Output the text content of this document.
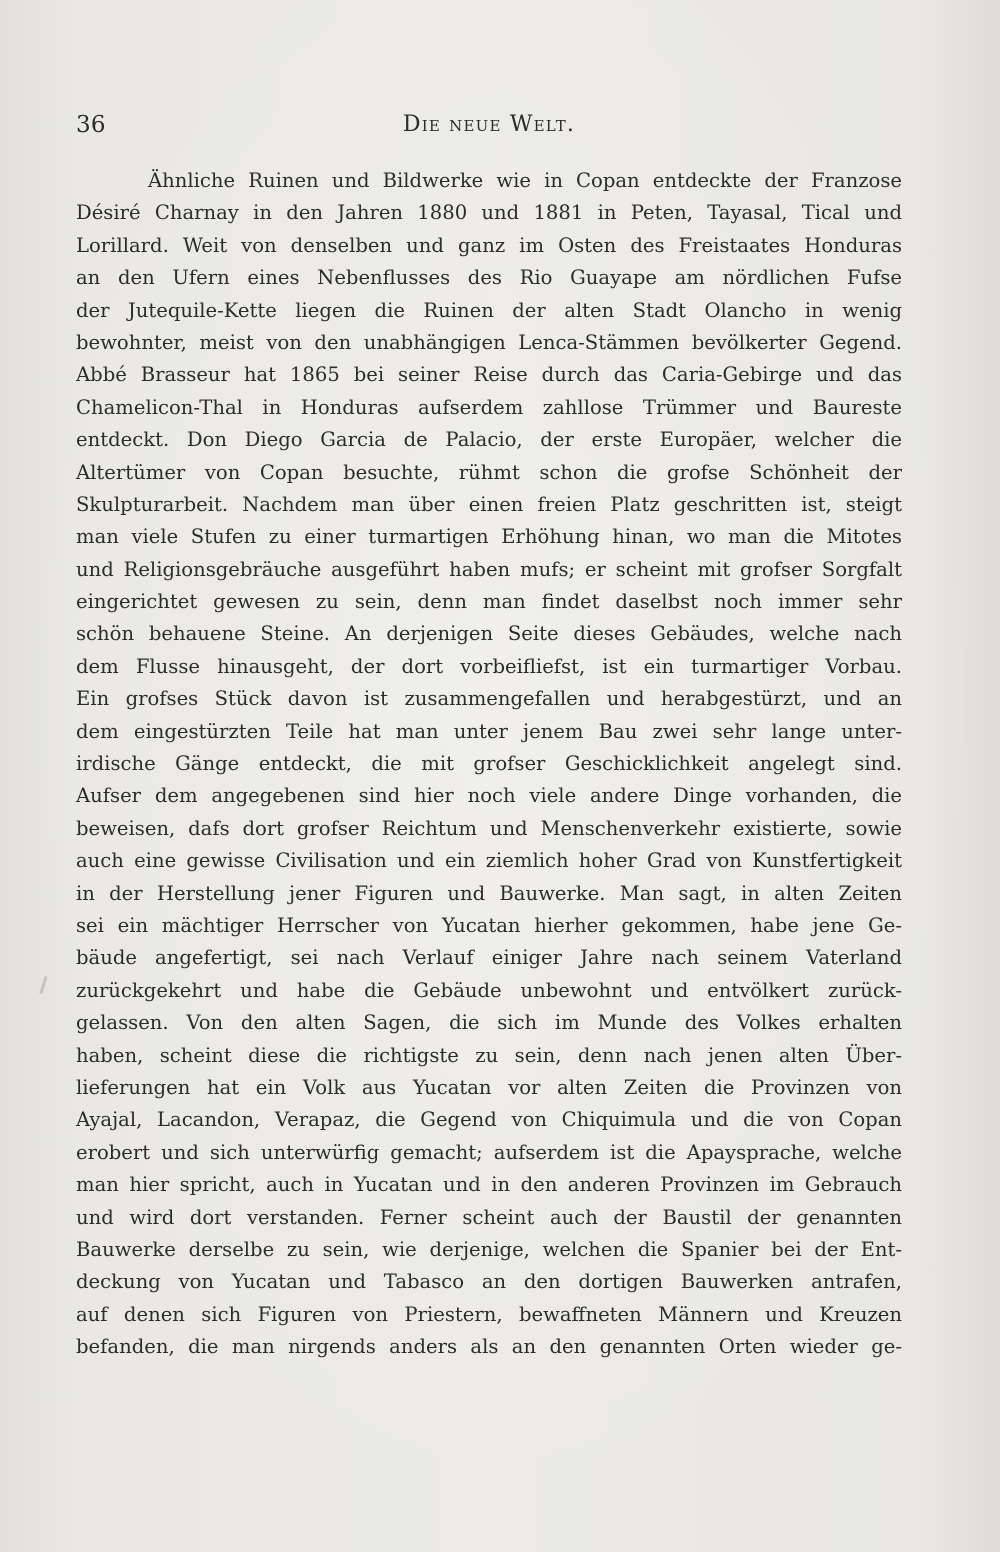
36	Die neue Welt.
Ähnliche Ruinen und Bildwerke wie in Copan entdeckte der Franzose
Désiré Charnay in den Jahren 1880 und 1881 in Peten, Tayasal, Tical und
Lorillard. Weit von denselben und ganz im Osten des Freistaates Honduras
an den Ufern eines Nebenflusses des Rio Guayape am nördlichen Fufse
der Jutequile-Kette liegen die Ruinen der alten Stadt Olancho in wenig
bewohnter, meist von den unabhängigen Lenca-Stämmen bevölkerter Gegend.
Abbé Brasseur hat 1865 bei seiner Reise durch das Caria-Gebirge und das
Chamelicon-Thal in Honduras aufserdem zahllose Trümmer und Baureste
entdeckt. Don Diego Garcia de Palacio, der erste Europäer, welcher die
Altertümer von Copan besuchte, rühmt schon die grofse Schönheit der
Skulpturarbeit. Nachdem man über einen freien Platz geschritten ist, steigt
man viele Stufen zu einer turmartigen Erhöhung hinan, wo man die Mitotes
und Religionsgebräuche ausgeführt haben mufs; er scheint mit grofser Sorgfalt
eingerichtet gewesen zu sein, denn man findet daselbst noch immer sehr
schön behauene Steine. An derjenigen Seite dieses Gebäudes, welche nach
dem Flusse hinausgeht, der dort vorbeifliefst, ist ein turmartiger Vorbau.
Ein grofses Stück davon ist zusammengefallen und herabgestürzt, und an
dem eingestürzten Teile hat man unter jenem Bau zwei sehr lange unter-
irdische Gänge entdeckt, die mit grofser Geschicklichkeit angelegt sind.
Aufser dem angegebenen sind hier noch viele andere Dinge vorhanden, die
beweisen, dafs dort grofser Reichtum und Menschenverkehr existierte, sowie
auch eine gewisse Civilisation und ein ziemlich hoher Grad von Kunstfertigkeit
in der Herstellung jener Figuren und Bauwerke. Man sagt, in alten Zeiten
sei ein mächtiger Herrscher von Yucatan hierher gekommen, habe jene Ge-
bäude angefertigt, sei nach Verlauf einiger Jahre nach seinem Vaterland
zurückgekehrt und habe die Gebäude unbewohnt und entvölkert zurück-
gelassen. Von den alten Sagen, die sich im Munde des Volkes erhalten
haben, scheint diese die richtigste zu sein, denn nach jenen alten Über-
lieferungen hat ein Volk aus Yucatan vor alten Zeiten die Provinzen von
Ayajal, Lacandon, Verapaz, die Gegend von Chiquimula und die von Copan
erobert und sich unterwürfig gemacht; aufserdem ist die Apaysprache, welche
man hier spricht, auch in Yucatan und in den anderen Provinzen im Gebrauch
und wird dort verstanden. Ferner scheint auch der Baustil der genannten
Bauwerke derselbe zu sein, wie derjenige, welchen die Spanier bei der Ent-
deckung von Yucatan und Tabasco an den dortigen Bauwerken antrafen,
auf denen sich Figuren von Priestern, bewaffneten Männern und Kreuzen
befanden, die man nirgends anders als an den genannten Orten wieder ge-
